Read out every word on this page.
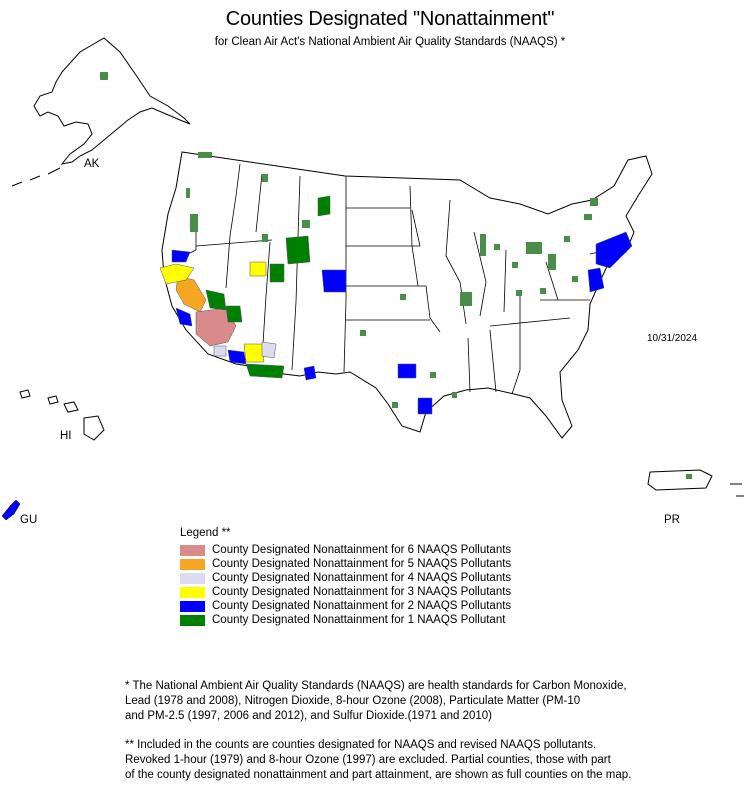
Counties Designated "Nonattainment"
for Clean Air Act's National Ambient Air Quality Standards (NAAQS) *
AK
HI
GU	PR
10/31/2024
Legend **
County Designated Nonattainment for 6 NAAQS Pollutants
County Designated Nonattainment for 5 NAAQS Pollutants
County Designated Nonattainment for 4 NAAQS Pollutants
County Designated Nonattainment for 3 NAAQS Pollutants
County Designated Nonattainment for 2 NAAQS Pollutants
County Designated Nonattainment for 1 NAAQS Pollutant

* The National Ambient Air Quality Standards (NAAQS) are health standards for Carbon Monoxide,

Lead (1978 and 2008), Nitrogen Dioxide, 8-hour Ozone (2008), Particulate Matter (PM-10

and PM-2.5 (1997, 2006 and 2012), and Sulfur Dioxide.(1971 and 2010)

** Included in the counts are counties designated for NAAQS and revised NAAQS pollutants.

Revoked 1-hour (1979) and 8-hour Ozone (1997) are excluded. Partial counties, those with part

of the county designated nonattainment and part attainment, are shown as full counties on the map.
